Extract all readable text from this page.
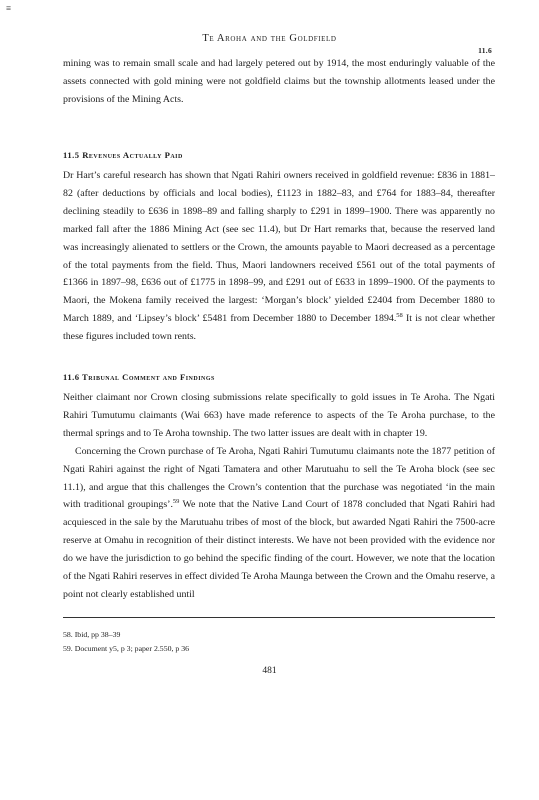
≡
Te Aroha and the Goldfield
11.6

mining was to remain small scale and had largely petered out by 1914, the most enduringly valuable of the assets connected with gold mining were not goldfield claims but the township allotments leased under the provisions of the Mining Acts.

11.5 Revenues Actually Paid

Dr Hart’s careful research has shown that Ngati Rahiri owners received in goldfield revenue: £836 in 1881–82 (after deductions by officials and local bodies), £1123 in 1882–83, and £764 for 1883–84, thereafter declining steadily to £636 in 1898–89 and falling sharply to £291 in 1899–1900. There was apparently no marked fall after the 1886 Mining Act (see sec 11.4), but Dr Hart remarks that, because the reserved land was increasingly alienated to settlers or the Crown, the amounts payable to Maori decreased as a percentage of the total payments from the field. Thus, Maori landowners received £561 out of the total payments of £1366 in 1897–98, £636 out of £1775 in 1898–99, and £291 out of £633 in 1899–1900. Of the payments to Maori, the Mokena family received the largest: ‘Morgan’s block’ yielded £2404 from December 1880 to March 1889, and ‘Lipsey’s block’ £5481 from December 1880 to December 1894.58 It is not clear whether these figures included town rents.

11.6 Tribunal Comment and Findings

Neither claimant nor Crown closing submissions relate specifically to gold issues in Te Aroha. The Ngati Rahiri Tumutumu claimants (Wai 663) have made reference to aspects of the Te Aroha purchase, to the thermal springs and to Te Aroha township. The two latter issues are dealt with in chapter 19.

Concerning the Crown purchase of Te Aroha, Ngati Rahiri Tumutumu claimants note the 1877 petition of Ngati Rahiri against the right of Ngati Tamatera and other Marutuahu to sell the Te Aroha block (see sec 11.1), and argue that this challenges the Crown’s contention that the purchase was negotiated ‘in the main with traditional groupings’.$^{59}$ We note that the Native Land Court of 1878 concluded that Ngati Rahiri had acquiesced in the sale by the Marutuahu tribes of most of the block, but awarded Ngati Rahiri the 7500-acre reserve at Omahu in recognition of their distinct interests. We have not been provided with the evidence nor do we have the jurisdiction to go behind the specific finding of the court. However, we note that the location of the Ngati Rahiri reserves in effect divided Te Aroha Maunga between the Crown and the Omahu reserve, a point not clearly established until

58. Ibid, pp 38–39

59. Document y5, p 3; paper 2.550, p 36

481
